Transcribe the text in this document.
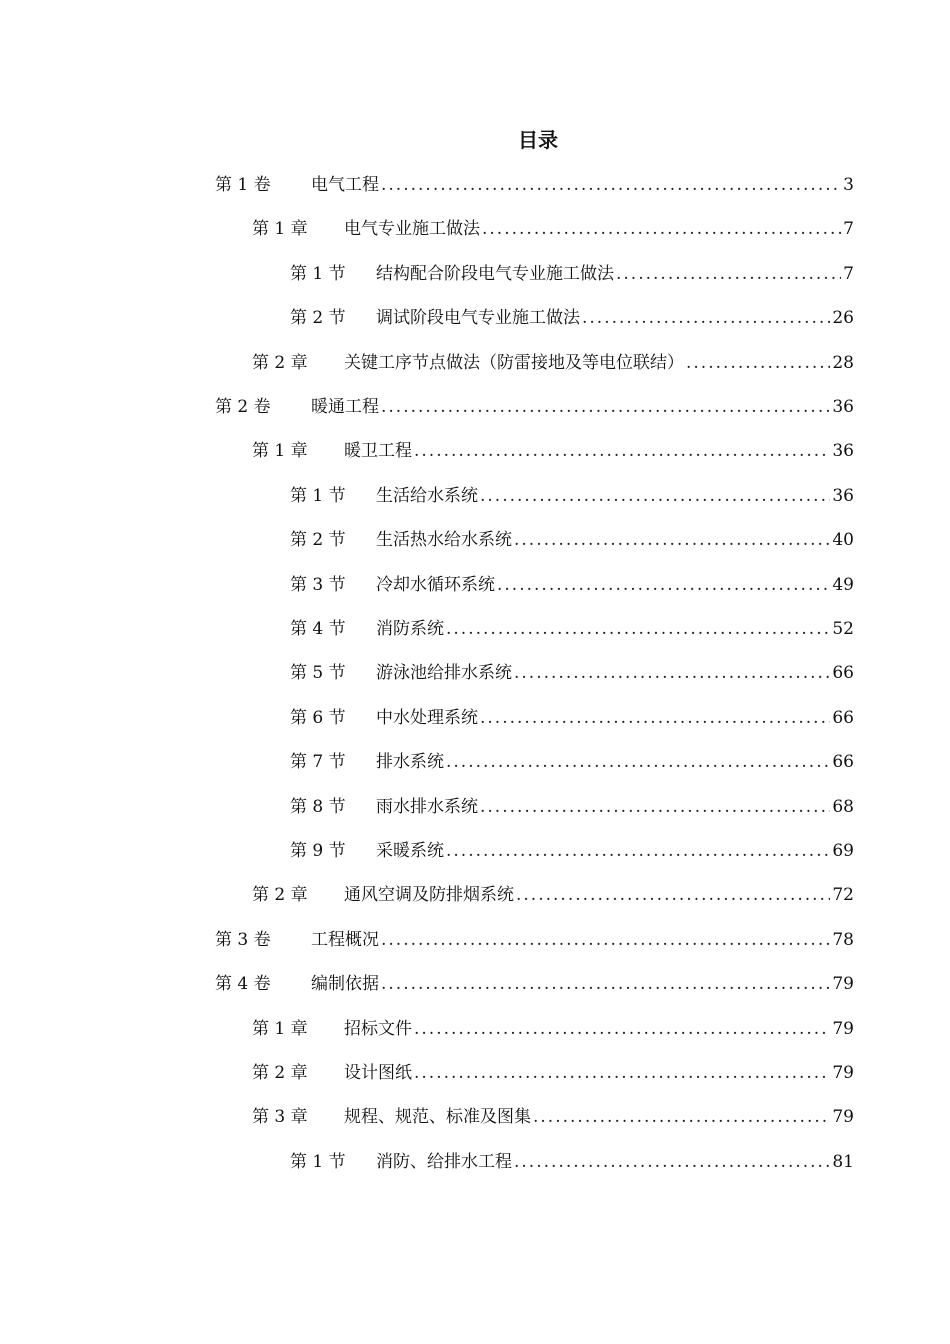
目录
第 1 卷	电气工程 .....	3
第 1 章	电气专业施工做法 .....	7
第 1 节	结构配合阶段电气专业施工做法 .....	7
第 2 节	调试阶段电气专业施工做法 .....	26
第 2 章	关键工序节点做法（防雷接地及等电位联结） .....	28
第 2 卷	暖通工程 .....	36
第 1 章	暖卫工程 .....	36
第 1 节	生活给水系统 .....	36
第 2 节	生活热水给水系统 .....	40
第 3 节	冷却水循环系统 .....	49
第 4 节	消防系统 .....	52
第 5 节	游泳池给排水系统 .....	66
第 6 节	中水处理系统 .....	66
第 7 节	排水系统 .....	66
第 8 节	雨水排水系统 .....	68
第 9 节	采暖系统 .....	69
第 2 章	通风空调及防排烟系统 .....	72
第 3 卷	工程概况 .....	78
第 4 卷	编制依据 .....	79
第 1 章	招标文件 .....	79
第 2 章	设计图纸 .....	79
第 3 章	规程、规范、标准及图集 .....	79
第 1 节	消防、给排水工程 .....	81
